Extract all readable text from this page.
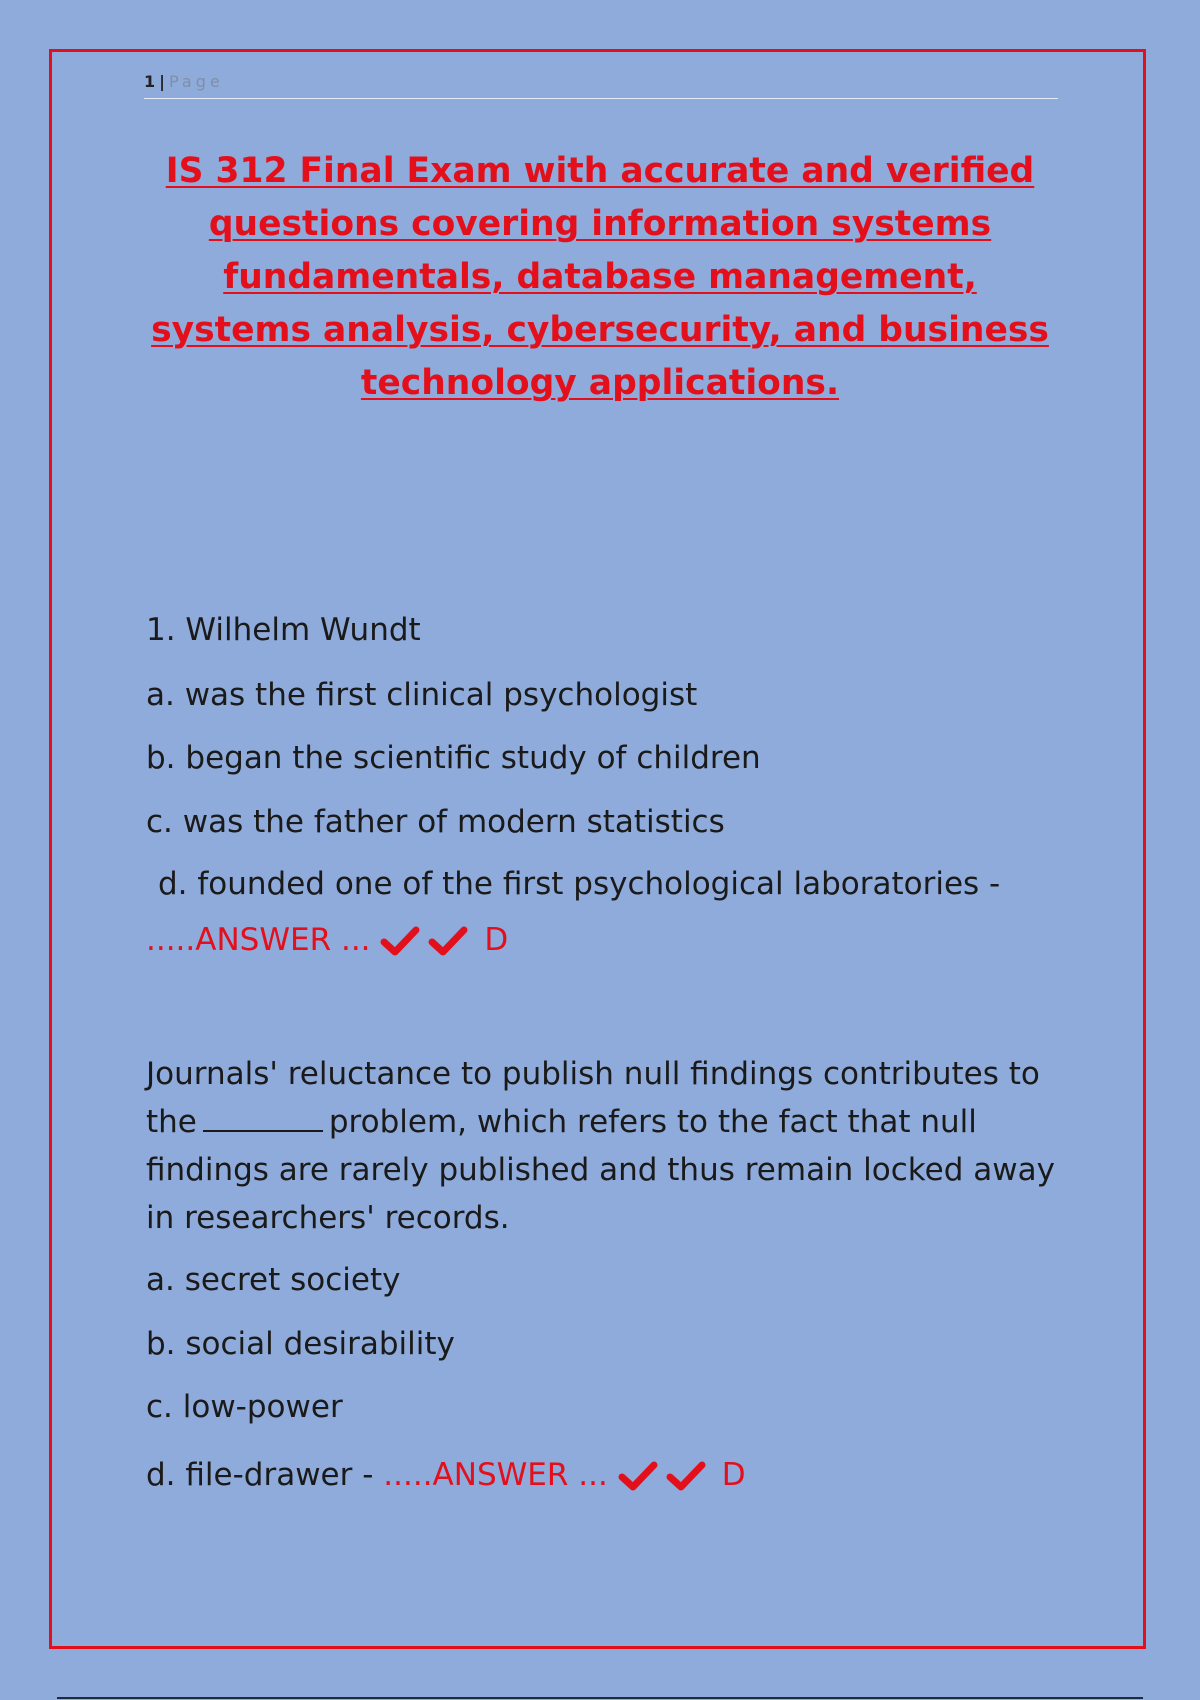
1 | Page
IS 312 Final Exam with accurate and verified questions covering information systems fundamentals, database management, systems analysis, cybersecurity, and business technology applications.
1. Wilhelm Wundt
a. was the first clinical psychologist
b. began the scientific study of children
c. was the father of modern statistics
d. founded one of the first psychological laboratories -
.....ANSWER ...	D

Journals' reluctance to publish null findings contributes to the	problem, which refers to the fact that null findings are rarely published and thus remain locked away in researchers' records.

a. secret society
b. social desirability
c. low-power
d. file-drawer - .....ANSWER ...	D
